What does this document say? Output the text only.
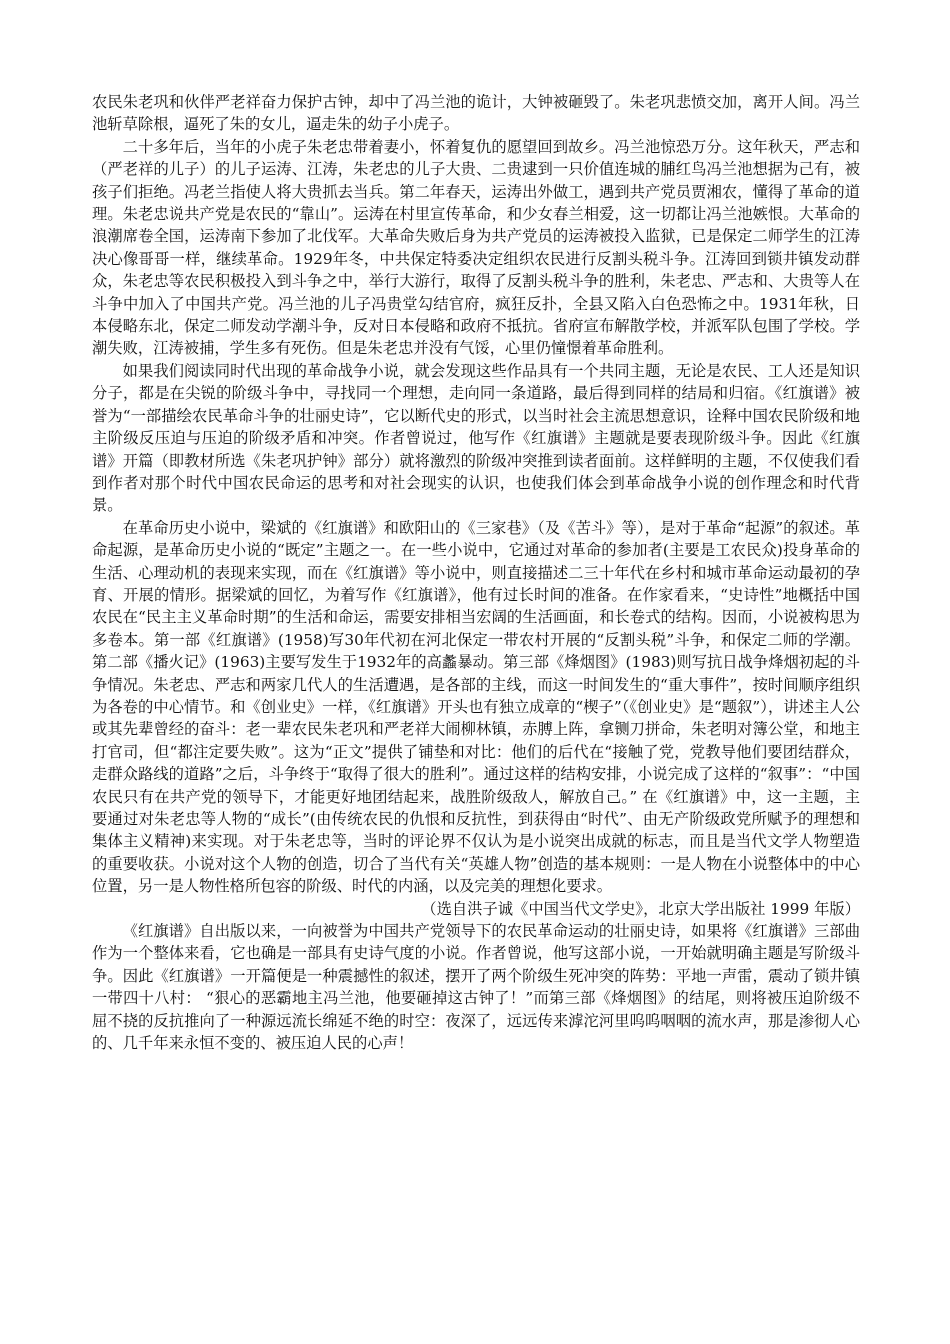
农民朱老巩和伙伴严老祥奋力保护古钟，却中了冯兰池的诡计，大钟被砸毁了。朱老巩悲愤交加，离开人间。冯兰池斩草除根，逼死了朱的女儿，逼走朱的幼子小虎子。

二十多年后，当年的小虎子朱老忠带着妻小，怀着复仇的愿望回到故乡。冯兰池惊恐万分。这年秋天，严志和（严老祥的儿子）的儿子运涛、江涛，朱老忠的儿子大贵、二贵逮到一只价值连城的脯红鸟冯兰池想据为己有，被孩子们拒绝。冯老兰指使人将大贵抓去当兵。第二年春天，运涛出外做工，遇到共产党员贾湘农，懂得了革命的道理。朱老忠说共产党是农民的“靠山”。运涛在村里宣传革命，和少女春兰相爱，这一切都让冯兰池嫉恨。大革命的浪潮席卷全国，运涛南下参加了北伐军。大革命失败后身为共产党员的运涛被投入监狱，已是保定二师学生的江涛决心像哥哥一样，继续革命。1929年冬，中共保定特委决定组织农民进行反割头税斗争。江涛回到锁井镇发动群众，朱老忠等农民积极投入到斗争之中，举行大游行，取得了反割头税斗争的胜利，朱老忠、严志和、大贵等人在斗争中加入了中国共产党。冯兰池的儿子冯贵堂勾结官府，疯狂反扑，全县又陷入白色恐怖之中。1931年秋，日本侵略东北，保定二师发动学潮斗争，反对日本侵略和政府不抵抗。省府宣布解散学校，并派军队包围了学校。学潮失败，江涛被捕，学生多有死伤。但是朱老忠并没有气馁，心里仍憧憬着革命胜利。

如果我们阅读同时代出现的革命战争小说，就会发现这些作品具有一个共同主题，无论是农民、工人还是知识分子，都是在尖锐的阶级斗争中，寻找同一个理想，走向同一条道路，最后得到同样的结局和归宿。《红旗谱》被誉为“一部描绘农民革命斗争的壮丽史诗”，它以断代史的形式，以当时社会主流思想意识，诠释中国农民阶级和地主阶级反压迫与压迫的阶级矛盾和冲突。作者曾说过，他写作《红旗谱》主题就是要表现阶级斗争。因此《红旗谱》开篇（即教材所选《朱老巩护钟》部分）就将激烈的阶级冲突推到读者面前。这样鲜明的主题，不仅使我们看到作者对那个时代中国农民命运的思考和对社会现实的认识，也使我们体会到革命战争小说的创作理念和时代背景。

在革命历史小说中，梁斌的《红旗谱》和欧阳山的《三家巷》（及《苦斗》等），是对于革命“起源”的叙述。革命起源，是革命历史小说的“既定”主题之一。在一些小说中，它通过对革命的参加者(主要是工农民众)投身革命的生活、心理动机的表现来实现，而在《红旗谱》等小说中，则直接描述二三十年代在乡村和城市革命运动最初的孕育、开展的情形。据梁斌的回忆，为着写作《红旗谱》，他有过长时间的准备。在作家看来，“史诗性”地概括中国农民在“民主主义革命时期”的生活和命运，需要安排相当宏阔的生活画面，和长卷式的结构。因而，小说被构思为多卷本。第一部《红旗谱》(1958)写30年代初在河北保定一带农村开展的“反割头税”斗争，和保定二师的学潮。第二部《播火记》(1963)主要写发生于1932年的高蠡暴动。第三部《烽烟图》(1983)则写抗日战争烽烟初起的斗争情况。朱老忠、严志和两家几代人的生活遭遇，是各部的主线，而这一时间发生的“重大事件”，按时间顺序组织为各卷的中心情节。和《创业史》一样，《红旗谱》开头也有独立成章的“楔子”（《创业史》是“题叙”），讲述主人公或其先辈曾经的奋斗：老一辈农民朱老巩和严老祥大闹柳林镇，赤膊上阵，拿铡刀拼命，朱老明对簿公堂，和地主打官司，但“都注定要失败”。这为“正文”提供了铺垫和对比：他们的后代在“接触了党，党教导他们要团结群众，走群众路线的道路”之后，斗争终于“取得了很大的胜利”。通过这样的结构安排，小说完成了这样的“叙事”：“中国农民只有在共产党的领导下，才能更好地团结起来，战胜阶级敌人，解放自己。” 在《红旗谱》中，这一主题，主要通过对朱老忠等人物的“成长”(由传统农民的仇恨和反抗性，到获得由“时代”、由无产阶级政党所赋予的理想和集体主义精神)来实现。对于朱老忠等，当时的评论界不仅认为是小说突出成就的标志，而且是当代文学人物塑造的重要收获。小说对这个人物的创造，切合了当代有关“英雄人物”创造的基本规则：一是人物在小说整体中的中心位置，另一是人物性格所包容的阶级、时代的内涵，以及完美的理想化要求。

（选自洪子诚《中国当代文学史》，北京大学出版社 1999 年版）

《红旗谱》自出版以来，一向被誉为中国共产党领导下的农民革命运动的壮丽史诗，如果将《红旗谱》三部曲作为一个整体来看，它也确是一部具有史诗气度的小说。作者曾说，他写这部小说，一开始就明确主题是写阶级斗争。因此《红旗谱》一开篇便是一种震撼性的叙述，摆开了两个阶级生死冲突的阵势：平地一声雷，震动了锁井镇一带四十八村： “狠心的恶霸地主冯兰池，他要砸掉这古钟了！”而第三部《烽烟图》的结尾，则将被压迫阶级不屈不挠的反抗推向了一种源远流长绵延不绝的时空：夜深了，远远传来滹沱河里呜呜咽咽的流水声，那是渗彻人心的、几千年来永恒不变的、被压迫人民的心声！
